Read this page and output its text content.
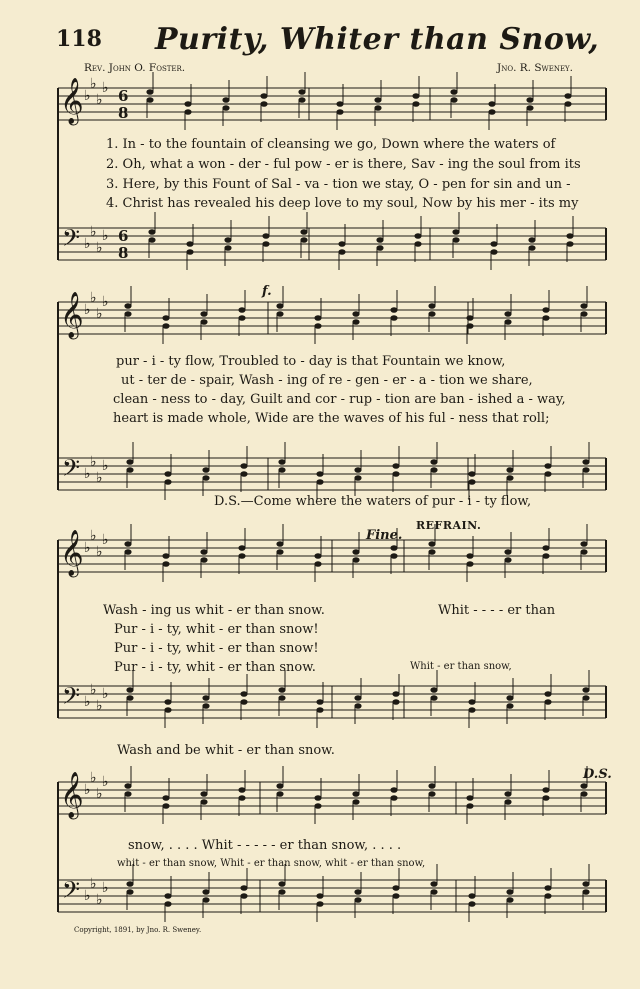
118 Purity, Whiter than Snow,
Rev. John O. Foster.	Jno. R. Sweney.
𝄞
𝄢
♭
♭
♭
♭
♭
♭
♭
♭
6
8
6
8
𝄞
𝄢
♭
♭
♭
♭
♭
♭
♭
♭
𝄞
𝄢
♭
♭
♭
♭
♭
♭
♭
♭
𝄞
𝄢
♭
♭
♭
♭
♭
♭
♭
♭
1. In - to the fountain of cleansing we go, Down where the waters of
2. Oh, what a won - der - ful pow - er is there, Sav - ing the soul from its
3. Here, by this Fount of Sal - va - tion we stay, O - pen for sin and un -
4. Christ has revealed his deep love to my soul, Now by his mer - its my
f.
pur - i - ty flow, Troubled to - day is that Fountain we know,
ut - ter de - spair, Wash - ing of re - gen - er - a - tion we share,
clean - ness to - day, Guilt and cor - rup - tion are ban - ished a - way,
heart is made whole, Wide are the waves of his ful - ness that roll;
D.S.—Come where the waters of pur - i - ty flow,
Fine.
REFRAIN.
Wash - ing us whit - er than snow.
Pur - i - ty, whit - er than snow!
Pur - i - ty, whit - er than snow!
Pur - i - ty, whit - er than snow.
Whit - - - - er than
Whit - er than snow,
Wash and be whit - er than snow.
D.S.
snow, . . . . Whit - - - - - er than snow, . . . .
whit - er than snow, Whit - er than snow, whit - er than snow,
Copyright, 1891, by Jno. R. Sweney.
